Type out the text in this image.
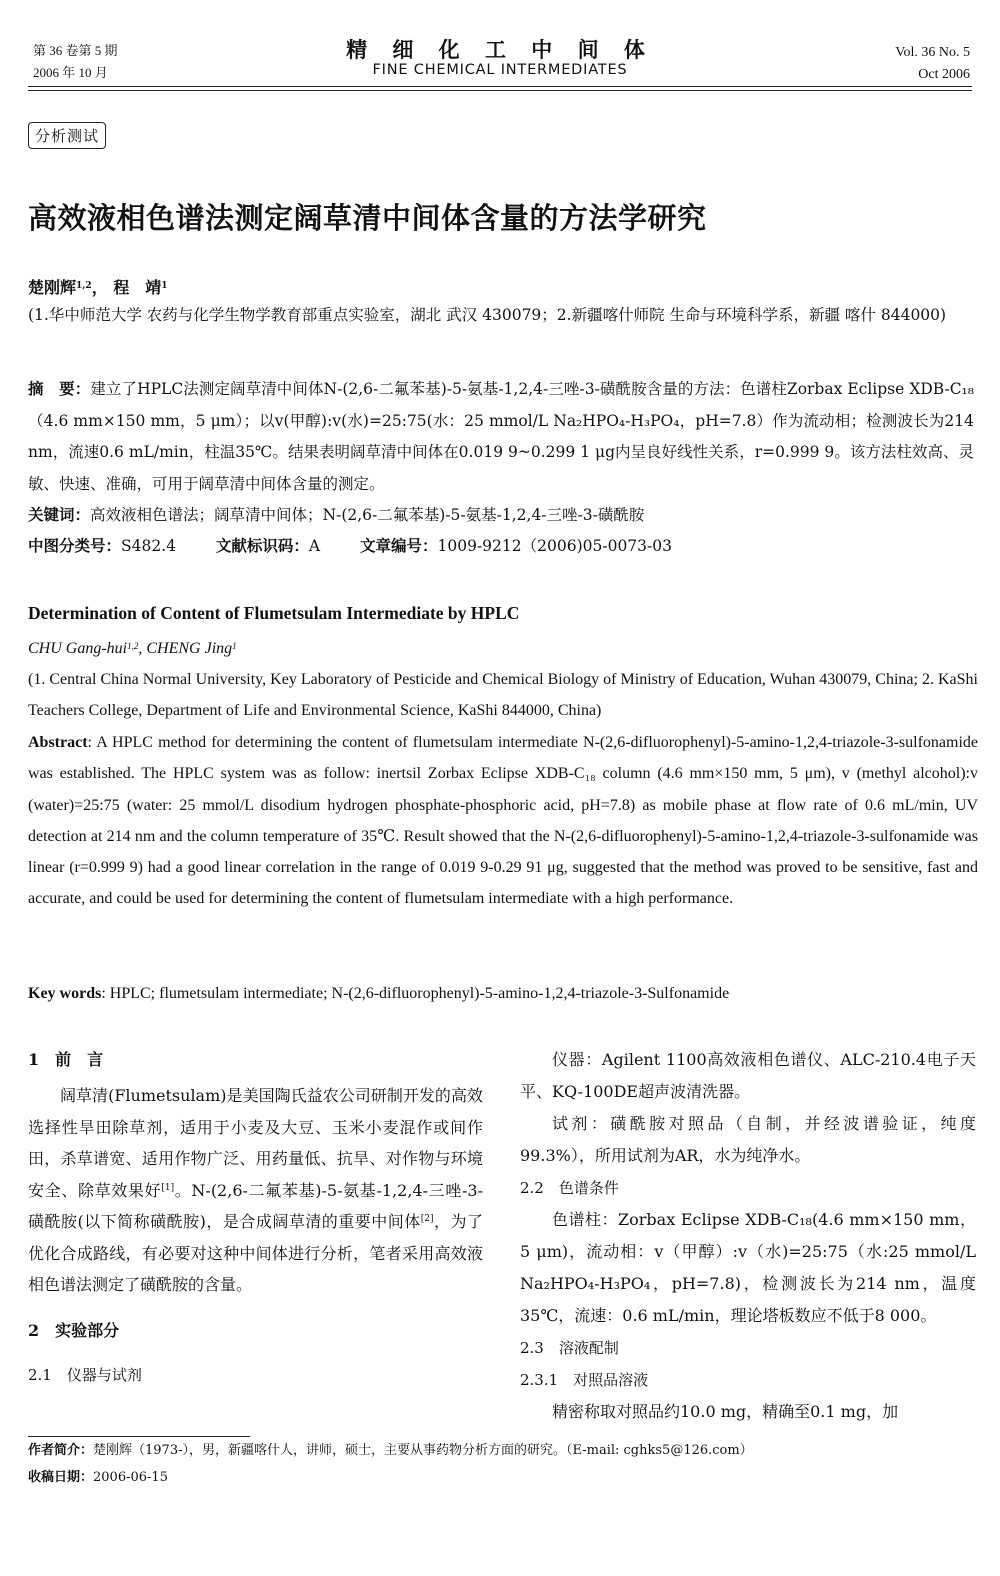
第 36 卷第 5 期
2006 年 10 月
精 细 化 工 中 间 体
FINE CHEMICAL INTERMEDIATES
Vol. 36 No. 5
Oct 2006
分析测试
高效液相色谱法测定阔草清中间体含量的方法学研究
楚刚辉$^{1,2}$， 程　靖$^1$
(1.华中师范大学 农药与化学生物学教育部重点实验室，湖北 武汉 430079；2.新疆喀什师院 生命与环境科学系，新疆 喀什 844000)
摘　要：建立了HPLC法测定阔草清中间体N-(2,6-二氟苯基)-5-氨基-1,2,4-三唑-3-磺酰胺含量的方法：色谱柱Zorbax Eclipse XDB-C₁₈（4.6 mm×150 mm，5 μm）；以v(甲醇):v(水)=25:75(水：25 mmol/L Na₂HPO₄-H₃PO₄，pH=7.8）作为流动相；检测波长为214 nm，流速0.6 mL/min，柱温35℃。结果表明阔草清中间体在0.019 9~0.299 1 μg内呈良好线性关系，r=0.999 9。该方法柱效高、灵敏、快速、准确，可用于阔草清中间体含量的测定。
关键词：高效液相色谱法；阔草清中间体；N-(2,6-二氟苯基)-5-氨基-1,2,4-三唑-3-磺酰胺
中图分类号：S482.4	文献标识码：A	文章编号：1009-9212（2006)05-0073-03
Determination of Content of Flumetsulam Intermediate by HPLC
CHU Gang-hui$^{1,2}$, CHENG Jing$^1$
(1. Central China Normal University, Key Laboratory of Pesticide and Chemical Biology of Ministry of Education, Wuhan 430079, China; 2. KaShi Teachers College, Department of Life and Environmental Science, KaShi 844000, China)
Abstract: A HPLC method for determining the content of flumetsulam intermediate N-(2,6-difluorophenyl)-5-amino-1,2,4-triazole-3-sulfonamide was established. The HPLC system was as follow: inertsil Zorbax Eclipse XDB-C₁₈ column (4.6 mm×150 mm, 5 μm), v (methyl alcohol):v (water)=25:75 (water: 25 mmol/L disodium hydrogen phosphate-phosphoric acid, pH=7.8) as mobile phase at flow rate of 0.6 mL/min, UV detection at 214 nm and the column temperature of 35℃. Result showed that the N-(2,6-difluorophenyl)-5-amino-1,2,4-triazole-3-sulfonamide was linear (r=0.999 9) had a good linear correlation in the range of 0.019 9-0.29 91 μg, suggested that the method was proved to be sensitive, fast and accurate, and could be used for determining the content of flumetsulam intermediate with a high performance.
Key words: HPLC; flumetsulam intermediate; N-(2,6-difluorophenyl)-5-amino-1,2,4-triazole-3-Sulfonamide
1　前　言
阔草清(Flumetsulam)是美国陶氏益农公司研制开发的高效选择性旱田除草剂，适用于小麦及大豆、玉米小麦混作或间作田，杀草谱宽、适用作物广泛、用药量低、抗旱、对作物与环境安全、除草效果好[1]。N-(2,6-二氟苯基)-5-氨基-1,2,4-三唑-3-磺酰胺(以下简称磺酰胺)，是合成阔草清的重要中间体[2]，为了优化合成路线，有必要对这种中间体进行分析，笔者采用高效液相色谱法测定了磺酰胺的含量。
2　实验部分
2.1　仪器与试剂
仪器：Agilent 1100高效液相色谱仪、ALC-210.4电子天平、KQ-100DE超声波清洗器。
试剂：磺酰胺对照品（自制，并经波谱验证，纯度99.3%），所用试剂为AR，水为纯净水。
2.2　色谱条件
色谱柱：Zorbax Eclipse XDB-C₁₈(4.6 mm×150 mm，5 μm)，流动相：v（甲醇）:v（水)=25:75（水:25 mmol/L Na₂HPO₄-H₃PO₄，pH=7.8)，检测波长为214 nm，温度35℃，流速：0.6 mL/min，理论塔板数应不低于8 000。
2.3　溶液配制
2.3.1　对照品溶液
精密称取对照品约10.0 mg，精确至0.1 mg，加
作者简介：楚刚辉（1973-），男，新疆喀什人，讲师，硕士，主要从事药物分析方面的研究。（E-mail: cghks5@126.com）
收稿日期：2006-06-15
